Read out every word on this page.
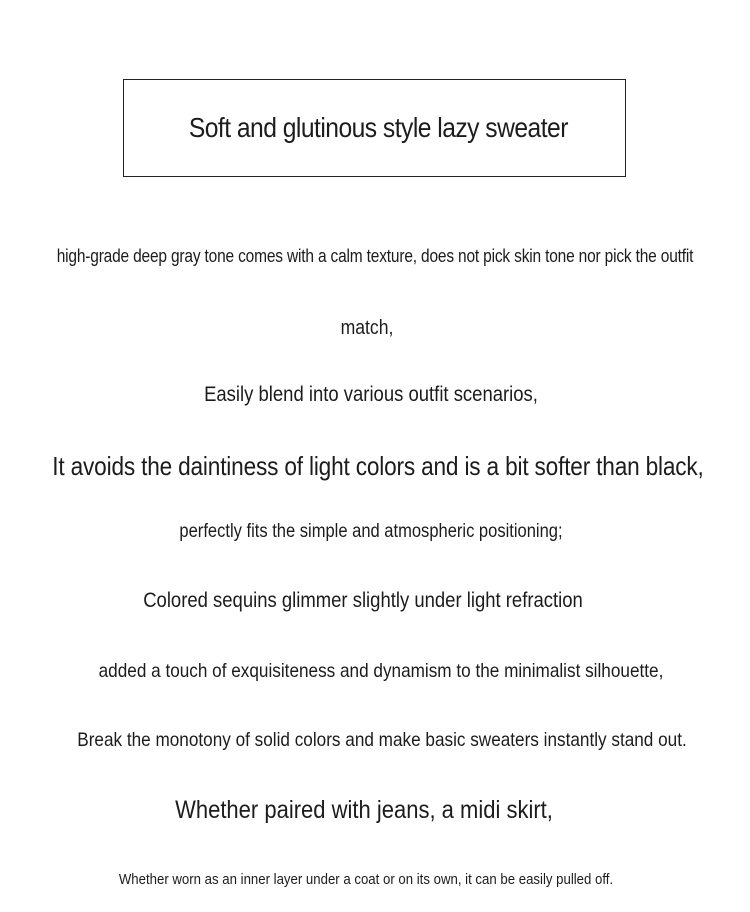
Soft and glutinous style lazy sweater

high-grade deep gray tone comes with a calm texture, does not pick skin tone nor pick the outfit

match,

Easily blend into various outfit scenarios,

It avoids the daintiness of light colors and is a bit softer than black,

perfectly fits the simple and atmospheric positioning;

Colored sequins glimmer slightly under light refraction

added a touch of exquisiteness and dynamism to the minimalist silhouette,

Break the monotony of solid colors and make basic sweaters instantly stand out.

Whether paired with jeans, a midi skirt,

Whether worn as an inner layer under a coat or on its own, it can be easily pulled off.
